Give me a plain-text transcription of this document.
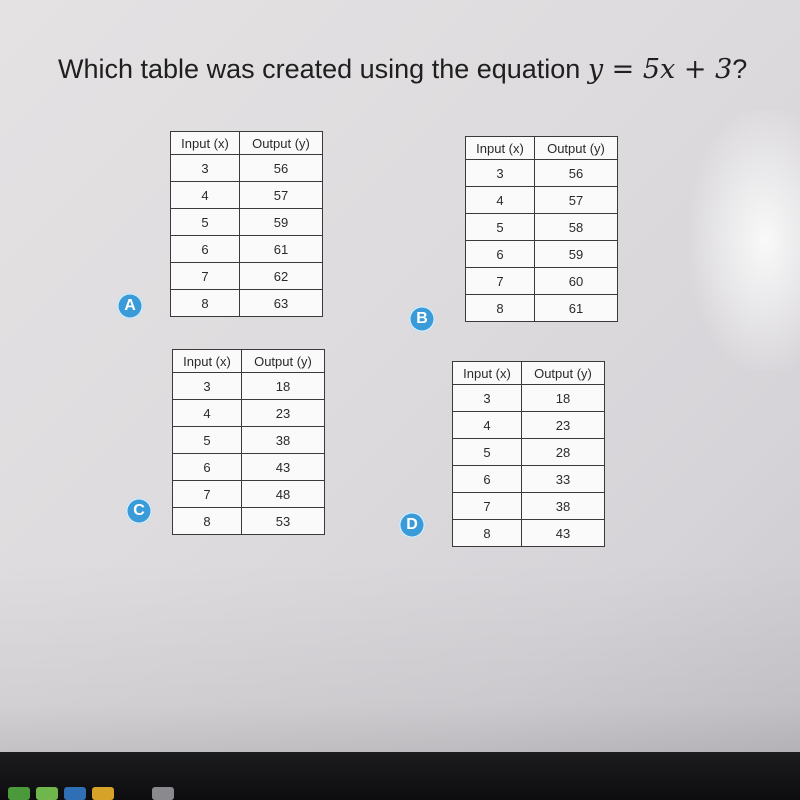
Which table was created using the equation y = 5x + 3?
Input (x)	Output (y)
3	56
4	57
5	59
6	61
7	62
8	63
A
Input (x)	Output (y)
3	56
4	57
5	58
6	59
7	60
8	61
B
Input (x)	Output (y)
3	18
4	23
5	38
6	43
7	48
8	53
C
Input (x)	Output (y)
3	18
4	23
5	28
6	33
7	38
8	43
D
